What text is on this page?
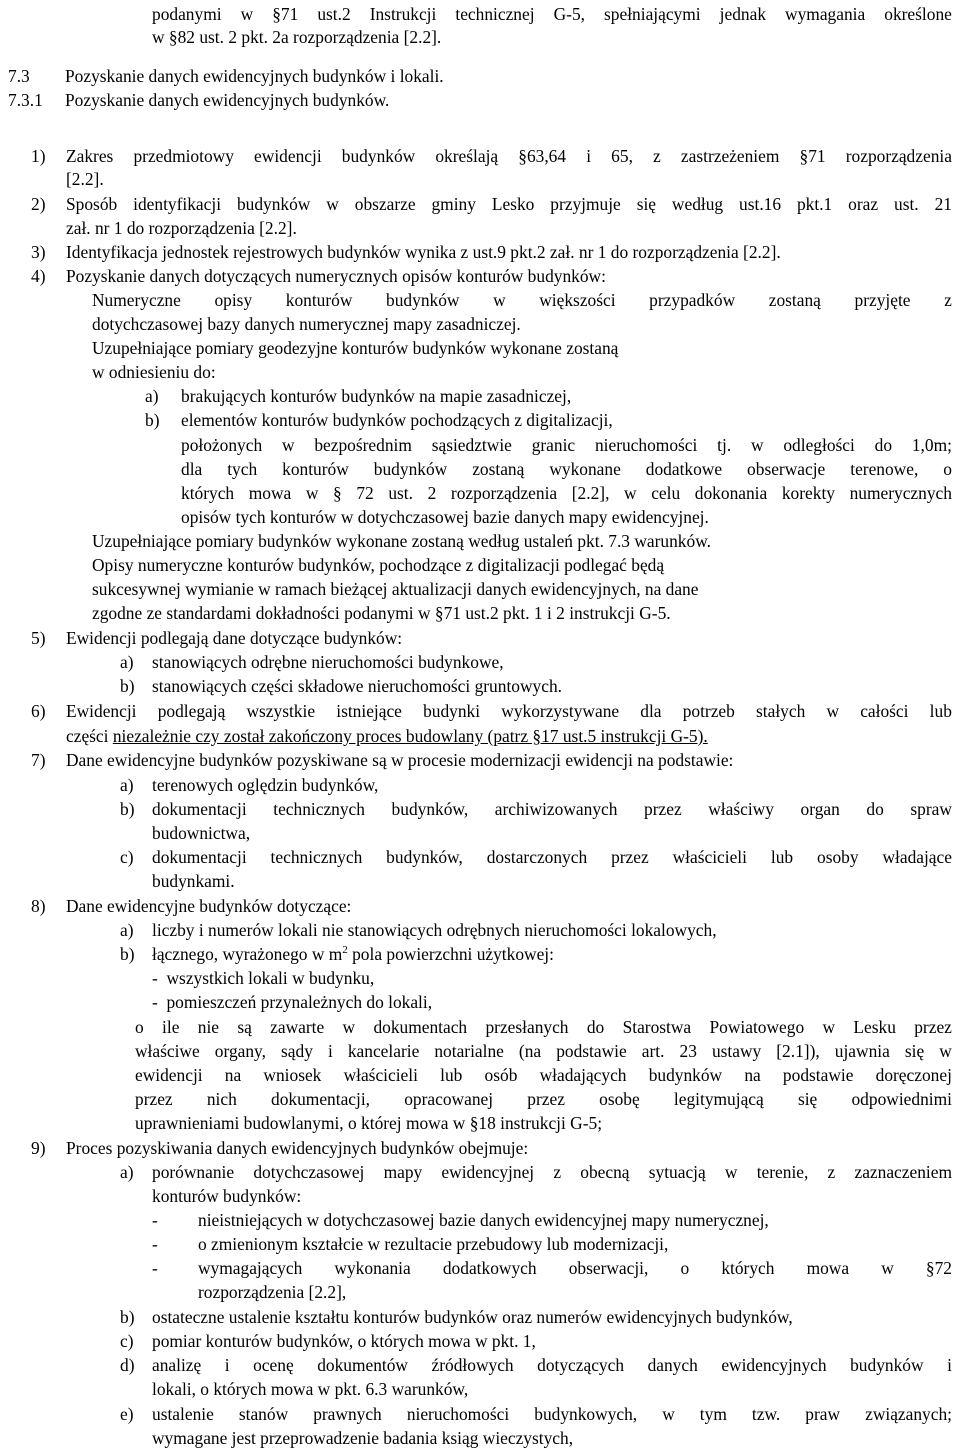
podanymi w §71 ust.2 Instrukcji technicznej G-5, spełniającymi jednak wymagania określone
w §82 ust. 2 pkt. 2a rozporządzenia [2.2].
7.3 Pozyskanie danych ewidencyjnych budynków i lokali.
7.3.1 Pozyskanie danych ewidencyjnych budynków.
1) Zakres przedmiotowy ewidencji budynków określają §63,64 i 65, z zastrzeżeniem §71 rozporządzenia
[2.2].
2) Sposób identyfikacji budynków w obszarze gminy Lesko przyjmuje się według ust.16 pkt.1 oraz ust. 21
zał. nr 1 do rozporządzenia [2.2].
3) Identyfikacja jednostek rejestrowych budynków wynika z ust.9 pkt.2 zał. nr 1 do rozporządzenia [2.2].
4) Pozyskanie danych dotyczących numerycznych opisów konturów budynków:
Numeryczne opisy konturów budynków w większości przypadków zostaną przyjęte z
dotychczasowej bazy danych numerycznej mapy zasadniczej.
Uzupełniające pomiary geodezyjne konturów budynków wykonane zostaną
w odniesieniu do:
a) brakujących konturów budynków na mapie zasadniczej,
b) elementów konturów budynków pochodzących z digitalizacji,
położonych w bezpośrednim sąsiedztwie granic nieruchomości tj. w odległości do 1,0m;
dla tych konturów budynków zostaną wykonane dodatkowe obserwacje terenowe, o
których mowa w § 72 ust. 2 rozporządzenia [2.2], w celu dokonania korekty numerycznych
opisów tych konturów w dotychczasowej bazie danych mapy ewidencyjnej.
Uzupełniające pomiary budynków wykonane zostaną według ustaleń pkt. 7.3 warunków.
Opisy numeryczne konturów budynków, pochodzące z digitalizacji podlegać będą
sukcesywnej wymianie w ramach bieżącej aktualizacji danych ewidencyjnych, na dane
zgodne ze standardami dokładności podanymi w §71 ust.2 pkt. 1 i 2 instrukcji G-5.
5) Ewidencji podlegają dane dotyczące budynków:
a) stanowiących odrębne nieruchomości budynkowe,
b) stanowiących części składowe nieruchomości gruntowych.
6) Ewidencji podlegają wszystkie istniejące budynki wykorzystywane dla potrzeb stałych w całości lub
części niezależnie czy został zakończony proces budowlany (patrz §17 ust.5 instrukcji G-5).
7) Dane ewidencyjne budynków pozyskiwane są w procesie modernizacji ewidencji na podstawie:
a) terenowych oględzin budynków,
b) dokumentacji technicznych budynków, archiwizowanych przez właściwy organ do spraw
budownictwa,
c) dokumentacji technicznych budynków, dostarczonych przez właścicieli lub osoby władające
budynkami.
8) Dane ewidencyjne budynków dotyczące:
a) liczby i numerów lokali nie stanowiących odrębnych nieruchomości lokalowych,
b) łącznego, wyrażonego w $m^2$ pola powierzchni użytkowej:
-  wszystkich lokali w budynku,
-  pomieszczeń przynależnych do lokali,
o ile nie są zawarte w dokumentach przesłanych do Starostwa Powiatowego w Lesku przez
właściwe organy, sądy i kancelarie notarialne (na podstawie art. 23 ustawy [2.1]), ujawnia się w
ewidencji na wniosek właścicieli lub osób władających budynków na podstawie doręczonej
przez nich dokumentacji, opracowanej przez osobę legitymującą się odpowiednimi
uprawnieniami budowlanymi, o której mowa w §18 instrukcji G-5;
9) Proces pozyskiwania danych ewidencyjnych budynków obejmuje:
a) porównanie dotychczasowej mapy ewidencyjnej z obecną sytuacją w terenie, z zaznaczeniem
konturów budynków:
- nieistniejących w dotychczasowej bazie danych ewidencyjnej mapy numerycznej,
- o zmienionym kształcie w rezultacie przebudowy lub modernizacji,
- wymagających wykonania dodatkowych obserwacji, o których mowa w §72
rozporządzenia [2.2],
b) ostateczne ustalenie kształtu konturów budynków oraz numerów ewidencyjnych budynków,
c) pomiar konturów budynków, o których mowa w pkt. 1,
d) analizę i ocenę dokumentów źródłowych dotyczących danych ewidencyjnych budynków i
lokali, o których mowa w pkt. 6.3 warunków,
e) ustalenie stanów prawnych nieruchomości budynkowych, w tym tzw. praw związanych;
wymagane jest przeprowadzenie badania ksiąg wieczystych,
